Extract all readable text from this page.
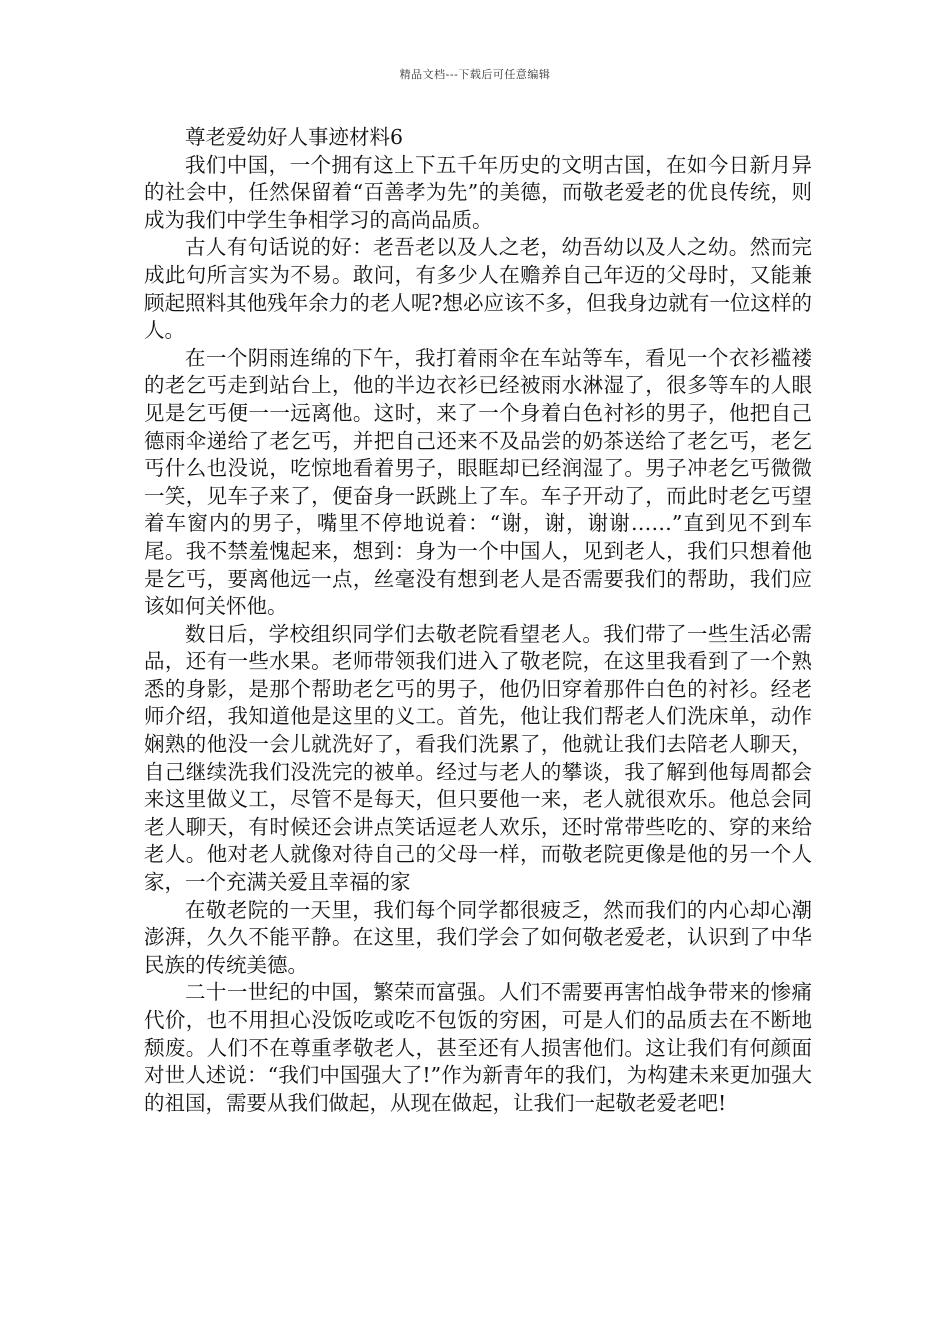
精品文档---下载后可任意编辑
尊老爱幼好人事迹材料6

我们中国，一个拥有这上下五千年历史的文明古国，在如今日新月异的社会中，任然保留着“百善孝为先”的美德，而敬老爱老的优良传统，则成为我们中学生争相学习的高尚品质。

古人有句话说的好：老吾老以及人之老，幼吾幼以及人之幼。然而完成此句所言实为不易。敢问，有多少人在赡养自己年迈的父母时，又能兼顾起照料其他残年余力的老人呢?想必应该不多，但我身边就有一位这样的人。

在一个阴雨连绵的下午，我打着雨伞在车站等车，看见一个衣衫褴褛的老乞丐走到站台上，他的半边衣衫已经被雨水淋湿了，很多等车的人眼见是乞丐便一一远离他。这时，来了一个身着白色衬衫的男子，他把自己德雨伞递给了老乞丐，并把自己还来不及品尝的奶茶送给了老乞丐，老乞丐什么也没说，吃惊地看着男子，眼眶却已经润湿了。男子冲老乞丐微微一笑，见车子来了，便奋身一跃跳上了车。车子开动了，而此时老乞丐望着车窗内的男子，嘴里不停地说着：“谢，谢，谢谢……”直到见不到车尾。我不禁羞愧起来，想到：身为一个中国人，见到老人，我们只想着他是乞丐，要离他远一点，丝毫没有想到老人是否需要我们的帮助，我们应该如何关怀他。

数日后，学校组织同学们去敬老院看望老人。我们带了一些生活必需品，还有一些水果。老师带领我们进入了敬老院，在这里我看到了一个熟悉的身影，是那个帮助老乞丐的男子，他仍旧穿着那件白色的衬衫。经老师介绍，我知道他是这里的义工。首先，他让我们帮老人们洗床单，动作娴熟的他没一会儿就洗好了，看我们洗累了，他就让我们去陪老人聊天，自己继续洗我们没洗完的被单。经过与老人的攀谈，我了解到他每周都会来这里做义工，尽管不是每天，但只要他一来，老人就很欢乐。他总会同老人聊天，有时候还会讲点笑话逗老人欢乐，还时常带些吃的、穿的来给老人。他对老人就像对待自己的父母一样，而敬老院更像是他的另一个人家，一个充满关爱且幸福的家

在敬老院的一天里，我们每个同学都很疲乏，然而我们的内心却心潮澎湃，久久不能平静。在这里，我们学会了如何敬老爱老，认识到了中华民族的传统美德。

二十一世纪的中国，繁荣而富强。人们不需要再害怕战争带来的惨痛代价，也不用担心没饭吃或吃不包饭的穷困，可是人们的品质去在不断地颓废。人们不在尊重孝敬老人，甚至还有人损害他们。这让我们有何颜面对世人述说：“我们中国强大了!”作为新青年的我们，为构建未来更加强大的祖国，需要从我们做起，从现在做起，让我们一起敬老爱老吧!
